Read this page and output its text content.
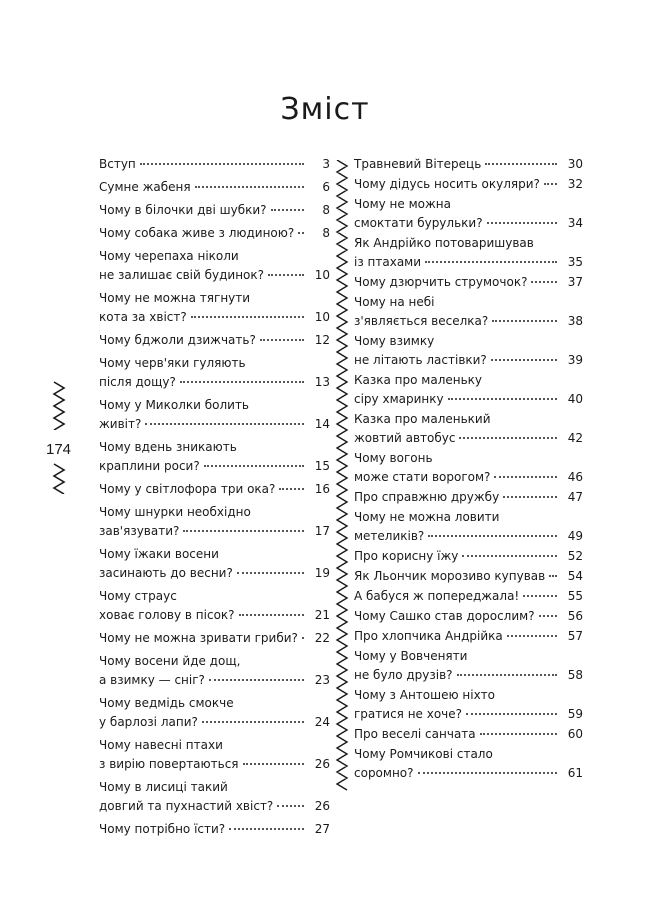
Зміст
174
Вступ	3
Сумне жабеня	6
Чому в білочки дві шубки?	8
Чому собака живе з людиною?	8
Чому черепаха ніколи
не залишає свій будинок?	10
Чому не можна тягнути
кота за хвіст?	10
Чому бджоли дзижчать?	12
Чому черв'яки гуляють
після дощу?	13
Чому у Миколки болить
живіт?	14
Чому вдень зникають
краплини роси?	15
Чому у світлофора три ока?	16
Чому шнурки необхідно
зав'язувати?	17
Чому їжаки восени
засинають до весни?	19
Чому страус
ховає голову в пісок?	21
Чому не можна зривати гриби? 22
Чому восени йде дощ,
а взимку — сніг?	23
Чому ведмідь смокче
у барлозі лапи?	24
Чому навесні птахи
з вирію повертаються	26
Чому в лисиці такий
довгий та пухнастий хвіст?	26
Чому потрібно їсти?	27
Травневий Вітерець	30
Чому дідусь носить окуляри? 32
Чому не можна
смоктати бурульки?	34
Як Андрійко потоваришував
із птахами	35
Чому дзюрчить струмочок?	37
Чому на небі
з'являється веселка?	38
Чому взимку
не літають ластівки?	39
Казка про маленьку
сіру хмаринку	40
Казка про маленький
жовтий автобус	42
Чому вогонь
може стати ворогом?	46
Про справжню дружбу	47
Чому не можна ловити
метеликів?	49
Про корисну їжу	52
Як Льончик морозиво купував 54
А бабуся ж попереджала!	55
Чому Сашко став дорослим?	56
Про хлопчика Андрійка	57
Чому у Вовченяти
не було друзів?	58
Чому з Антошею ніхто
гратися не хоче?	59
Про веселі санчата	60
Чому Ромчикові стало
соромно?	61
